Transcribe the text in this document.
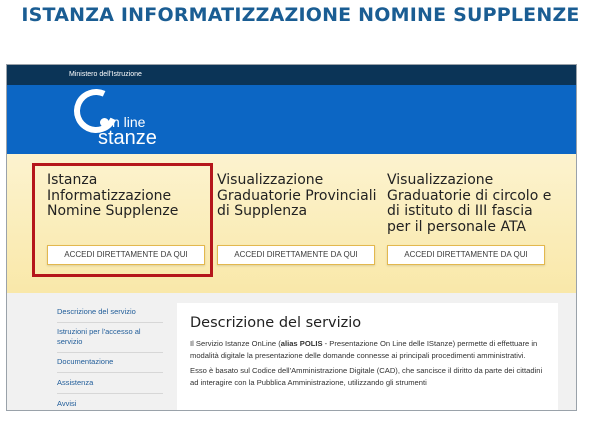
ISTANZA INFORMATIZZAZIONE NOMINE SUPPLENZE
Ministero dell'Istruzione
n line
stanze
Istanza Informatizzazione Nomine Supplenze
ACCEDI DIRETTAMENTE DA QUI
Visualizzazione Graduatorie Provinciali di Supplenza
ACCEDI DIRETTAMENTE DA QUI
Visualizzazione Graduatorie di circolo e di istituto di III fascia per il personale ATA
ACCEDI DIRETTAMENTE DA QUI
Descrizione del servizio
Istruzioni per l'accesso al servizio
Documentazione
Assistenza
Avvisi
Descrizione del servizio

Il Servizio Istanze OnLine (alias POLIS - Presentazione On Line delle IStanze) permette di effettuare in modalità digitale la presentazione delle domande connesse ai principali procedimenti amministrativi.

Esso è basato sul Codice dell'Amministrazione Digitale (CAD), che sancisce il diritto da parte dei cittadini ad interagire con la Pubblica Amministrazione, utilizzando gli strumenti
